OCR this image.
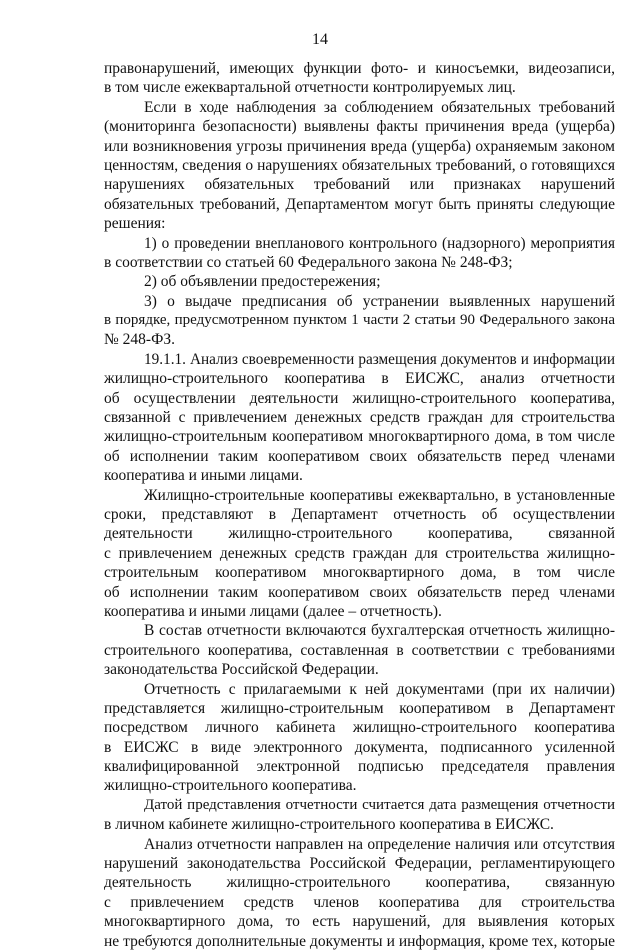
14
правонарушений, имеющих функции фото- и киносъемки, видеозаписи,
в том числе ежеквартальной отчетности контролируемых лиц.
Если в ходе наблюдения за соблюдением обязательных требований
(мониторинга безопасности) выявлены факты причинения вреда (ущерба)
или возникновения угрозы причинения вреда (ущерба) охраняемым законом
ценностям, сведения о нарушениях обязательных требований, о готовящихся
нарушениях обязательных требований или признаках нарушений
обязательных требований, Департаментом могут быть приняты следующие
решения:
1) о проведении внепланового контрольного (надзорного) мероприятия
в соответствии со статьей 60 Федерального закона № 248-ФЗ;
2) об объявлении предостережения;
3) о выдаче предписания об устранении выявленных нарушений
в порядке, предусмотренном пунктом 1 части 2 статьи 90 Федерального закона
№ 248-ФЗ.
19.1.1. Анализ своевременности размещения документов и информации
жилищно-строительного кооператива в ЕИСЖС, анализ отчетности
об осуществлении деятельности жилищно-строительного кооператива,
связанной с привлечением денежных средств граждан для строительства
жилищно-строительным кооперативом многоквартирного дома, в том числе
об исполнении таким кооперативом своих обязательств перед членами
кооператива и иными лицами.
Жилищно-строительные кооперативы ежеквартально, в установленные
сроки, представляют в Департамент отчетность об осуществлении
деятельности жилищно-строительного кооператива, связанной
с привлечением денежных средств граждан для строительства жилищно-
строительным кооперативом многоквартирного дома, в том числе
об исполнении таким кооперативом своих обязательств перед членами
кооператива и иными лицами (далее – отчетность).
В состав отчетности включаются бухгалтерская отчетность жилищно-
строительного кооператива, составленная в соответствии с требованиями
законодательства Российской Федерации.
Отчетность с прилагаемыми к ней документами (при их наличии)
представляется жилищно-строительным кооперативом в Департамент
посредством личного кабинета жилищно-строительного кооператива
в ЕИСЖС в виде электронного документа, подписанного усиленной
квалифицированной электронной подписью председателя правления
жилищно-строительного кооператива.
Датой представления отчетности считается дата размещения отчетности
в личном кабинете жилищно-строительного кооператива в ЕИСЖС.
Анализ отчетности направлен на определение наличия или отсутствия
нарушений законодательства Российской Федерации, регламентирующего
деятельность жилищно-строительного кооператива, связанную
с привлечением средств членов кооператива для строительства
многоквартирного дома, то есть нарушений, для выявления которых
не требуются дополнительные документы и информация, кроме тех, которые
